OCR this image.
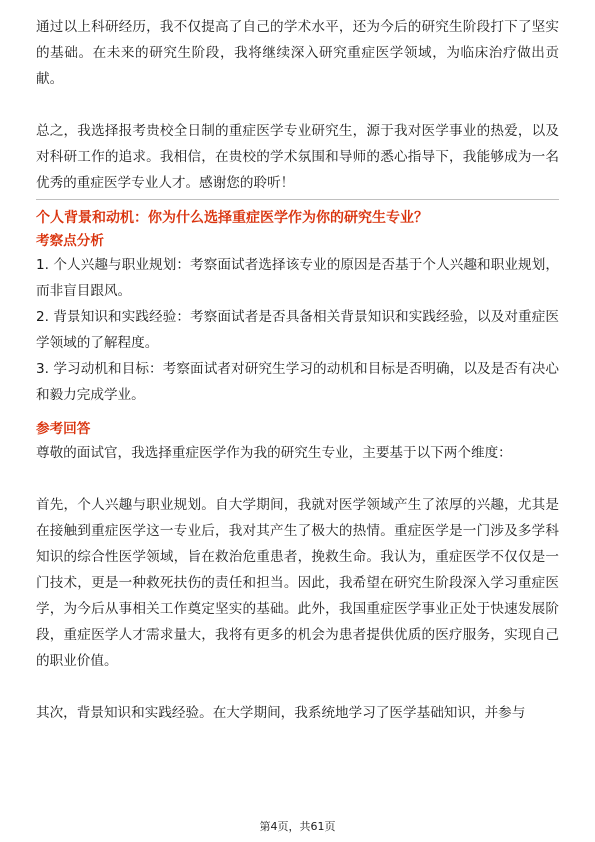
通过以上科研经历，我不仅提高了自己的学术水平，还为今后的研究生阶段打下了坚实的基础。在未来的研究生阶段，我将继续深入研究重症医学领域，为临床治疗做出贡献。

总之，我选择报考贵校全日制的重症医学专业研究生，源于我对医学事业的热爱，以及对科研工作的追求。我相信，在贵校的学术氛围和导师的悉心指导下，我能够成为一名优秀的重症医学专业人才。感谢您的聆听！

个人背景和动机：你为什么选择重症医学作为你的研究生专业？

考察点分析

1. 个人兴趣与职业规划：考察面试者选择该专业的原因是否基于个人兴趣和职业规划，而非盲目跟风。

2. 背景知识和实践经验：考察面试者是否具备相关背景知识和实践经验，以及对重症医学领域的了解程度。

3. 学习动机和目标：考察面试者对研究生学习的动机和目标是否明确，以及是否有决心和毅力完成学业。

参考回答

尊敬的面试官，我选择重症医学作为我的研究生专业，主要基于以下两个维度：

首先，个人兴趣与职业规划。自大学期间，我就对医学领域产生了浓厚的兴趣，尤其是在接触到重症医学这一专业后，我对其产生了极大的热情。重症医学是一门涉及多学科知识的综合性医学领域，旨在救治危重患者，挽救生命。我认为，重症医学不仅仅是一门技术，更是一种救死扶伤的责任和担当。因此，我希望在研究生阶段深入学习重症医学，为今后从事相关工作奠定坚实的基础。此外，我国重症医学事业正处于快速发展阶段，重症医学人才需求量大，我将有更多的机会为患者提供优质的医疗服务，实现自己的职业价值。

其次，背景知识和实践经验。在大学期间，我系统地学习了医学基础知识，并参与

第4页，共61页
